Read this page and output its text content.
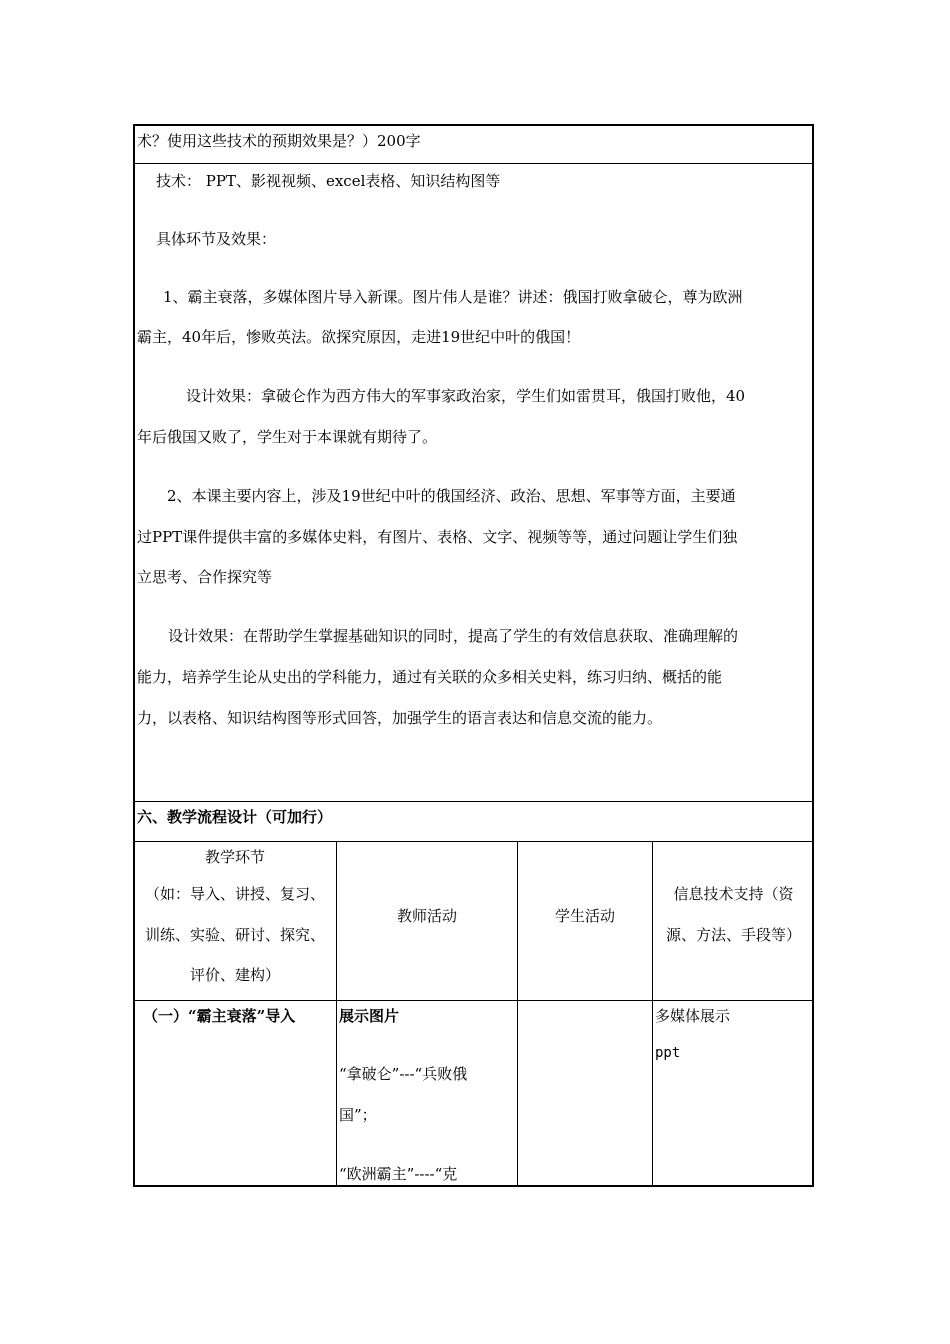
术？使用这些技术的预期效果是？）200字
技术： PPT、影视视频、excel表格、知识结构图等
具体环节及效果：
1、霸主衰落，多媒体图片导入新课。图片伟人是谁？讲述：俄国打败拿破仑，尊为欧洲
霸主，40年后，惨败英法。欲探究原因，走进19世纪中叶的俄国！
设计效果：拿破仑作为西方伟大的军事家政治家，学生们如雷贯耳，俄国打败他，40
年后俄国又败了，学生对于本课就有期待了。
2、本课主要内容上，涉及19世纪中叶的俄国经济、政治、思想、军事等方面，主要通
过PPT课件提供丰富的多媒体史料，有图片、表格、文字、视频等等，通过问题让学生们独
立思考、合作探究等
设计效果：在帮助学生掌握基础知识的同时，提高了学生的有效信息获取、准确理解的
能力，培养学生论从史出的学科能力，通过有关联的众多相关史料，练习归纳、概括的能
力，以表格、知识结构图等形式回答，加强学生的语言表达和信息交流的能力。
六、教学流程设计（可加行）
教学环节
（如：导入、讲授、复习、
训练、实验、研讨、探究、
评价、建构）
教师活动	学生活动
信息技术支持（资
源、方法、手段等）
（一）“霸主衰落”导入	展示图片
“拿破仑”---“兵败俄
国”；
“欧洲霸主”----“克
多媒体展示
ppt
